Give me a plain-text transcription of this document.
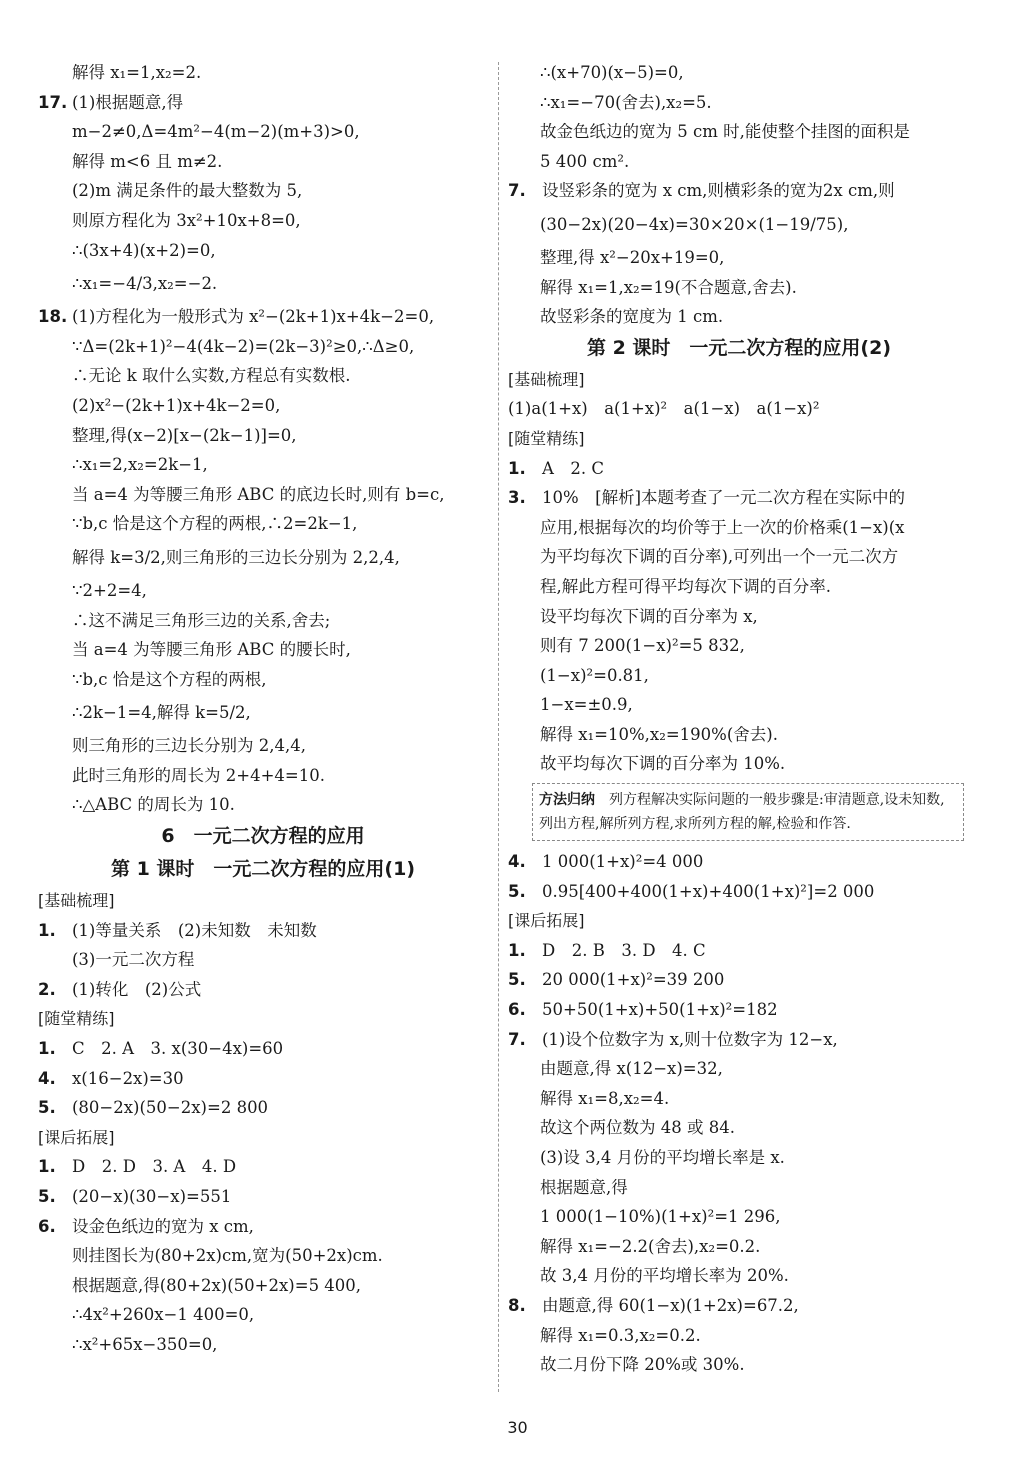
解得 x₁=1,x₂=2.
17. (1)根据题意,得
m−2≠0,Δ=4m²−4(m−2)(m+3)>0,
解得 m<6 且 m≠2.
(2)m 满足条件的最大整数为 5,
则原方程化为 3x²+10x+8=0,
∴(3x+4)(x+2)=0,
∴x₁=−4/3,x₂=−2.
18. (1)方程化为一般形式为 x²−(2k+1)x+4k−2=0,
∵Δ=(2k+1)²−4(4k−2)=(2k−3)²≥0,∴Δ≥0,
∴无论 k 取什么实数,方程总有实数根.
(2)x²−(2k+1)x+4k−2=0,
整理,得(x−2)[x−(2k−1)]=0,
∴x₁=2,x₂=2k−1,
当 a=4 为等腰三角形 ABC 的底边长时,则有 b=c,
∵b,c 恰是这个方程的两根,∴2=2k−1,
解得 k=3/2,则三角形的三边长分别为 2,2,4,
∵2+2=4,
∴这不满足三角形三边的关系,舍去;
当 a=4 为等腰三角形 ABC 的腰长时,
∵b,c 恰是这个方程的两根,
∴2k−1=4,解得 k=5/2,
则三角形的三边长分别为 2,4,4,
此时三角形的周长为 2+4+4=10.
∴△ABC 的周长为 10.
6　一元二次方程的应用
第 1 课时　一元二次方程的应用(1)
[基础梳理]
1. (1)等量关系　(2)未知数　未知数
(3)一元二次方程
2. (1)转化　(2)公式
[随堂精练]
1. C　2. A　3. x(30−4x)=60
4. x(16−2x)=30
5. (80−2x)(50−2x)=2 800
[课后拓展]
1. D　2. D　3. A　4. D
5. (20−x)(30−x)=551
6. 设金色纸边的宽为 x cm,
则挂图长为(80+2x)cm,宽为(50+2x)cm.
根据题意,得(80+2x)(50+2x)=5 400,
∴4x²+260x−1 400=0,
∴x²+65x−350=0,
∴(x+70)(x−5)=0,
∴x₁=−70(舍去),x₂=5.
故金色纸边的宽为 5 cm 时,能使整个挂图的面积是
5 400 cm².
7. 设竖彩条的宽为 x cm,则横彩条的宽为2x cm,则
(30−2x)(20−4x)=30×20×(1−19/75),
整理,得 x²−20x+19=0,
解得 x₁=1,x₂=19(不合题意,舍去).
故竖彩条的宽度为 1 cm.
第 2 课时　一元二次方程的应用(2)
[基础梳理]
(1)a(1+x)　a(1+x)²　a(1−x)　a(1−x)²
[随堂精练]
1. A　2. C
3. 10%　[解析]本题考查了一元二次方程在实际中的
应用,根据每次的均价等于上一次的价格乘(1−x)(x
为平均每次下调的百分率),可列出一个一元二次方
程,解此方程可得平均每次下调的百分率.
设平均每次下调的百分率为 x,
则有 7 200(1−x)²=5 832,
(1−x)²=0.81,
1−x=±0.9,
解得 x₁=10%,x₂=190%(舍去).
故平均每次下调的百分率为 10%.
方法归纳　 列方程解决实际问题的一般步骤是:审清题意,设未知数,列出方程,解所列方程,求所列方程的解,检验和作答.
4. 1 000(1+x)²=4 000
5. 0.95[400+400(1+x)+400(1+x)²]=2 000
[课后拓展]
1. D　2. B　3. D　4. C
5. 20 000(1+x)²=39 200
6. 50+50(1+x)+50(1+x)²=182
7. (1)设个位数字为 x,则十位数字为 12−x,
由题意,得 x(12−x)=32,
解得 x₁=8,x₂=4.
故这个两位数为 48 或 84.
(3)设 3,4 月份的平均增长率是 x.
根据题意,得
1 000(1−10%)(1+x)²=1 296,
解得 x₁=−2.2(舍去),x₂=0.2.
故 3,4 月份的平均增长率为 20%.
8. 由题意,得 60(1−x)(1+2x)=67.2,
解得 x₁=0.3,x₂=0.2.
故二月份下降 20%或 30%.
30
